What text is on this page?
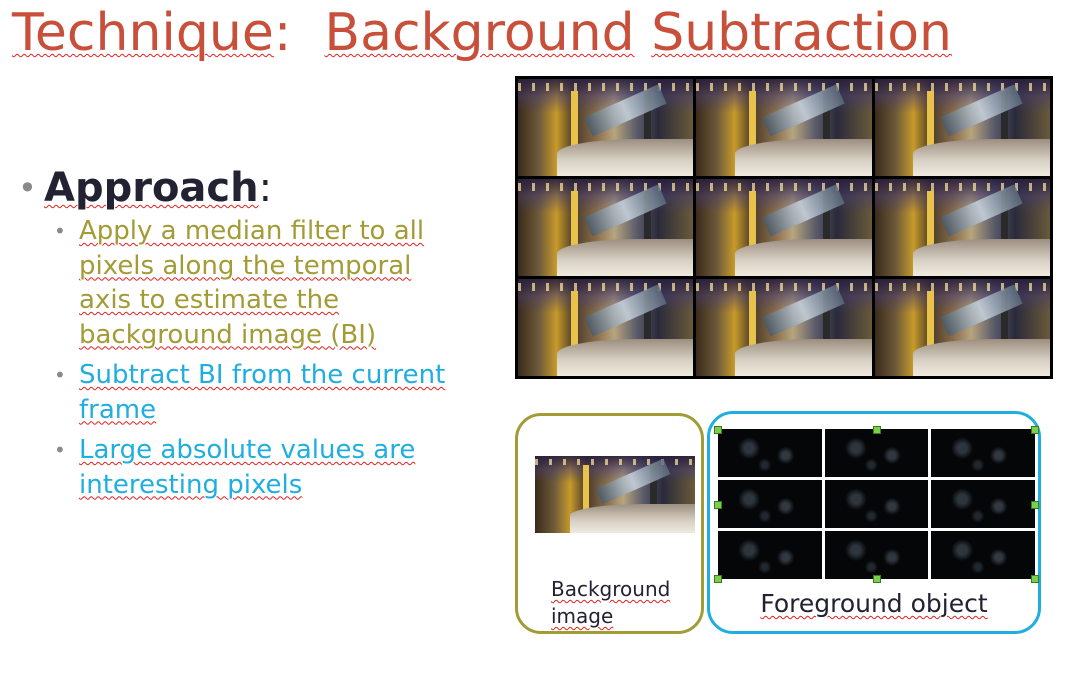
Technique: Background Subtraction
• Approach:
• Apply a median filter to all pixels along the temporal axis to estimate the background image (BI)
• Subtract BI from the current frame
• Large absolute values are interesting pixels
Background
image	Foreground object
